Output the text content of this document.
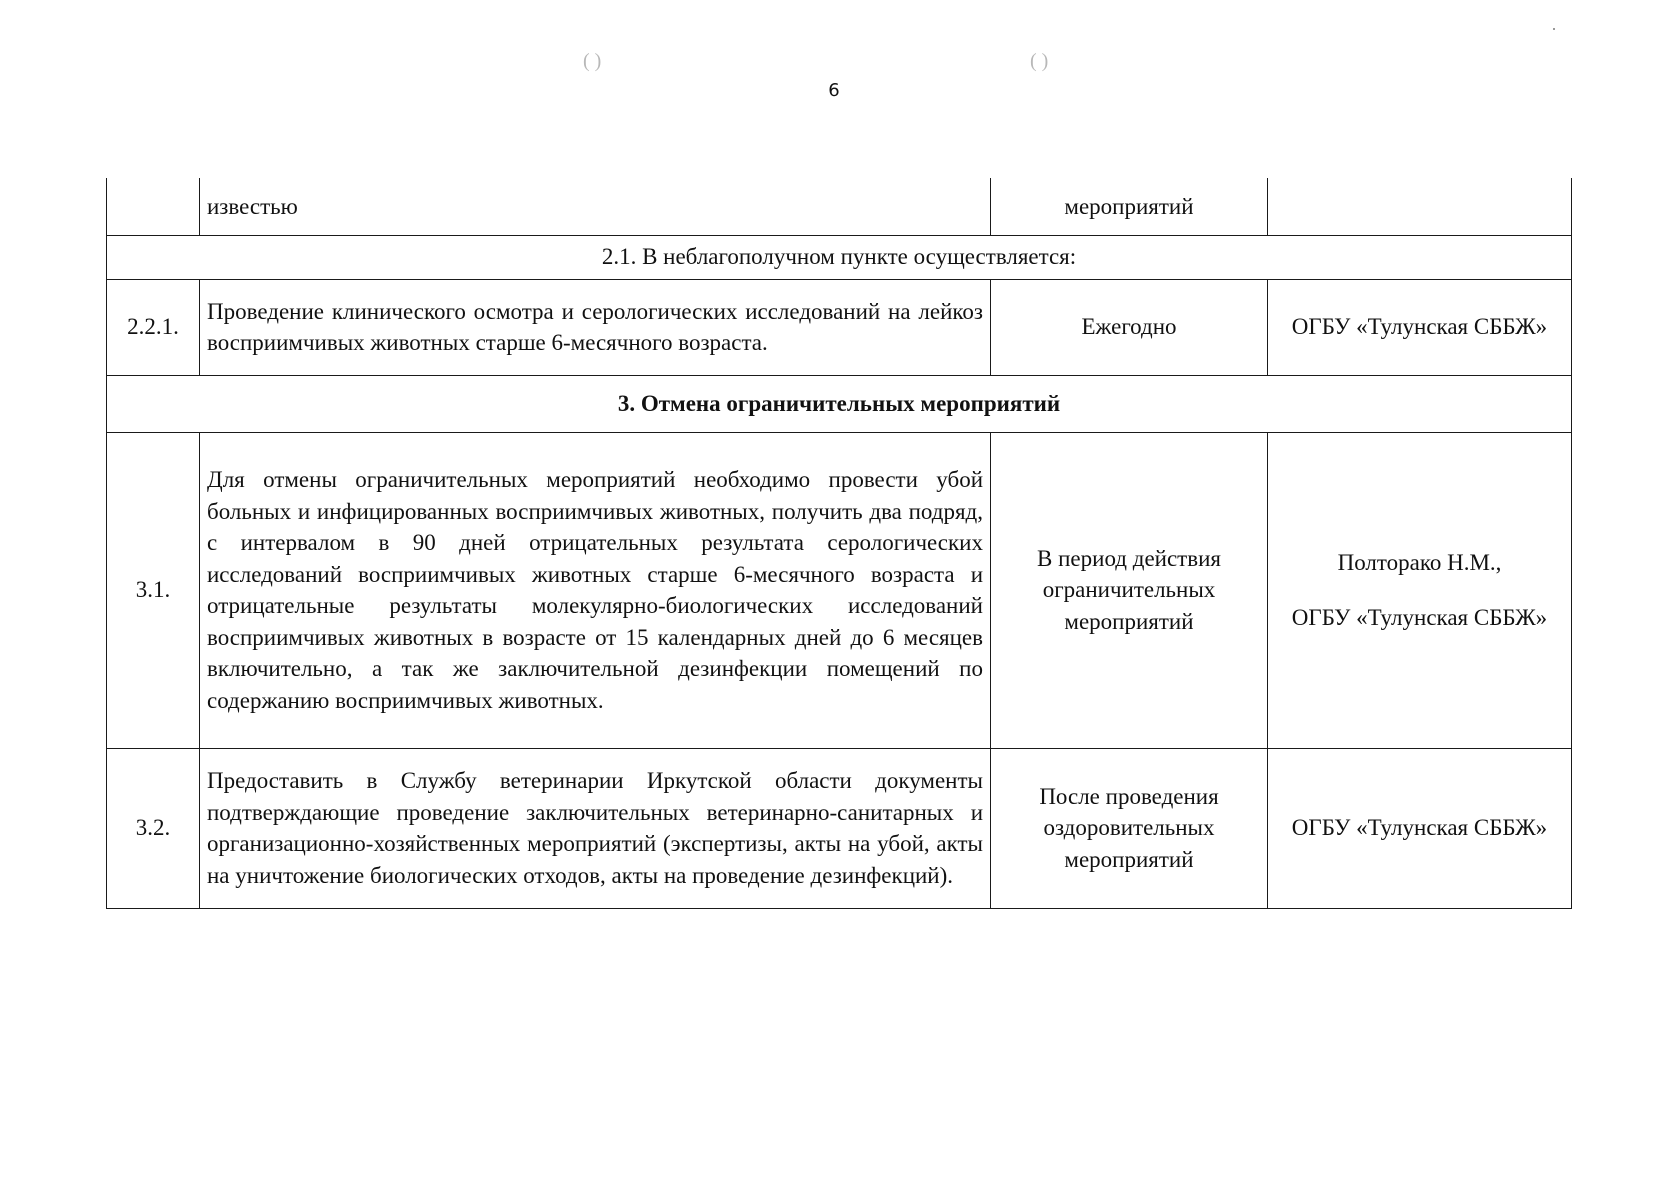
( )	( )
6
	известью	мероприятий	
2.1. В неблагополучном пункте осуществляется:			
2.2.1.	Проведение клинического осмотра и серологических исследований на лейкоз восприимчивых животных старше 6-месячного возраста.	Ежегодно	ОГБУ «Тулунская СББЖ»
3. Отмена ограничительных мероприятий			
3.1.	Для отмены ограничительных мероприятий необходимо провести убой больных и инфицированных восприимчивых животных, получить два подряд, с интервалом в 90 дней отрицательных результата серологических исследований восприимчивых животных старше 6-месячного возраста и отрицательные результаты молекулярно-биологических исследований восприимчивых животных в возрасте от 15 календарных дней до 6 месяцев включительно, а так же заключительной дезинфекции помещений по содержанию восприимчивых животных.	В период действия ограничительных мероприятий	Полторако Н.М.,
ОГБУ «Тулунская СББЖ»
3.2.	Предоставить в Службу ветеринарии Иркутской области документы подтверждающие проведение заключительных ветеринарно-санитарных и организационно-хозяйственных мероприятий (экспертизы, акты на убой, акты на уничтожение биологических отходов, акты на проведение дезинфекций).	После проведения оздоровительных мероприятий	ОГБУ «Тулунская СББЖ»
